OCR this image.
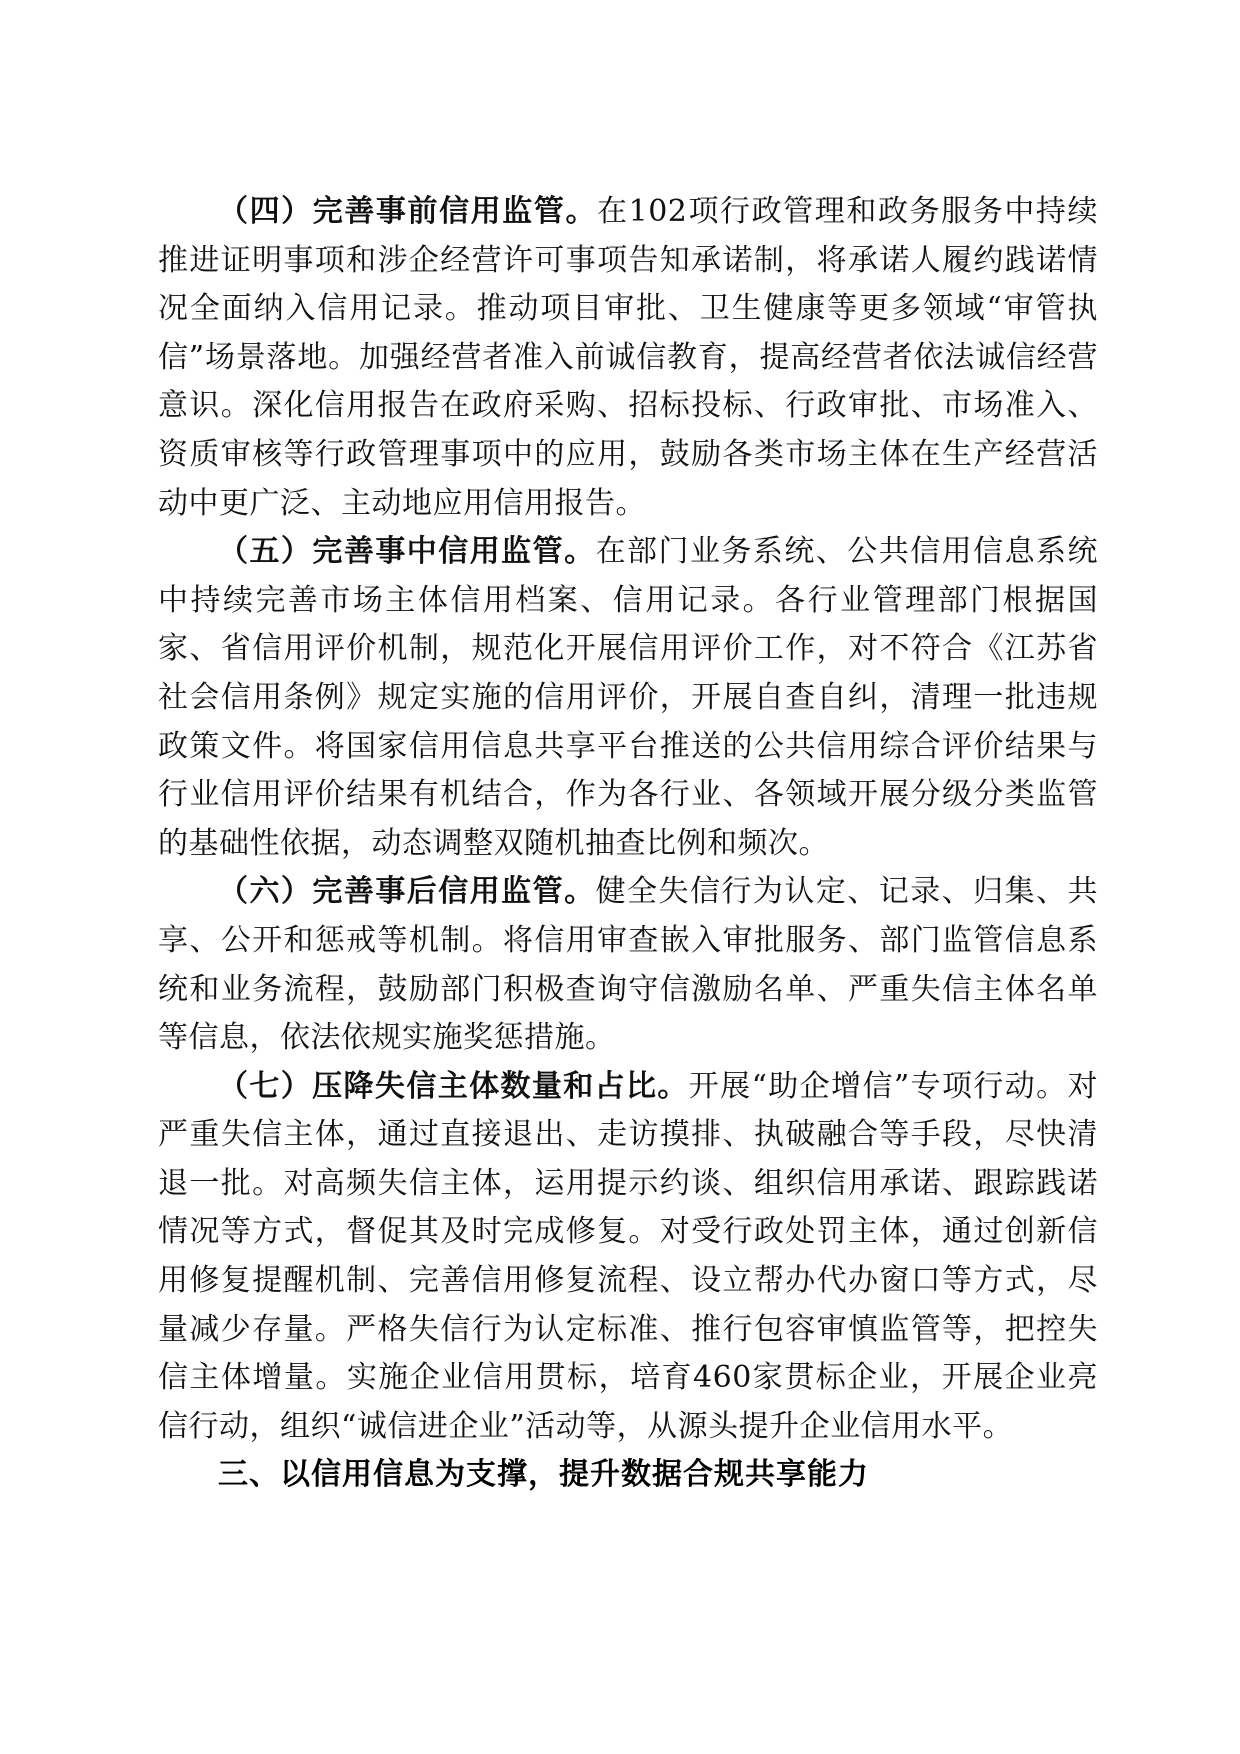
（四）完善事前信用监管。在102项行政管理和政务服务中持续推进证明事项和涉企经营许可事项告知承诺制，将承诺人履约践诺情况全面纳入信用记录。推动项目审批、卫生健康等更多领域“审管执信”场景落地。加强经营者准入前诚信教育，提高经营者依法诚信经营意识。深化信用报告在政府采购、招标投标、行政审批、市场准入、资质审核等行政管理事项中的应用，鼓励各类市场主体在生产经营活动中更广泛、主动地应用信用报告。

（五）完善事中信用监管。在部门业务系统、公共信用信息系统中持续完善市场主体信用档案、信用记录。各行业管理部门根据国家、省信用评价机制，规范化开展信用评价工作，对不符合《江苏省社会信用条例》规定实施的信用评价，开展自查自纠，清理一批违规政策文件。将国家信用信息共享平台推送的公共信用综合评价结果与行业信用评价结果有机结合，作为各行业、各领域开展分级分类监管的基础性依据，动态调整双随机抽查比例和频次。

（六）完善事后信用监管。健全失信行为认定、记录、归集、共享、公开和惩戒等机制。将信用审查嵌入审批服务、部门监管信息系统和业务流程，鼓励部门积极查询守信激励名单、严重失信主体名单等信息，依法依规实施奖惩措施。

（七）压降失信主体数量和占比。开展“助企增信”专项行动。对严重失信主体，通过直接退出、走访摸排、执破融合等手段，尽快清退一批。对高频失信主体，运用提示约谈、组织信用承诺、跟踪践诺情况等方式，督促其及时完成修复。对受行政处罚主体，通过创新信用修复提醒机制、完善信用修复流程、设立帮办代办窗口等方式，尽量减少存量。严格失信行为认定标准、推行包容审慎监管等，把控失信主体增量。实施企业信用贯标，培育460家贯标企业，开展企业亮信行动，组织“诚信进企业”活动等，从源头提升企业信用水平。

三、以信用信息为支撑，提升数据合规共享能力
